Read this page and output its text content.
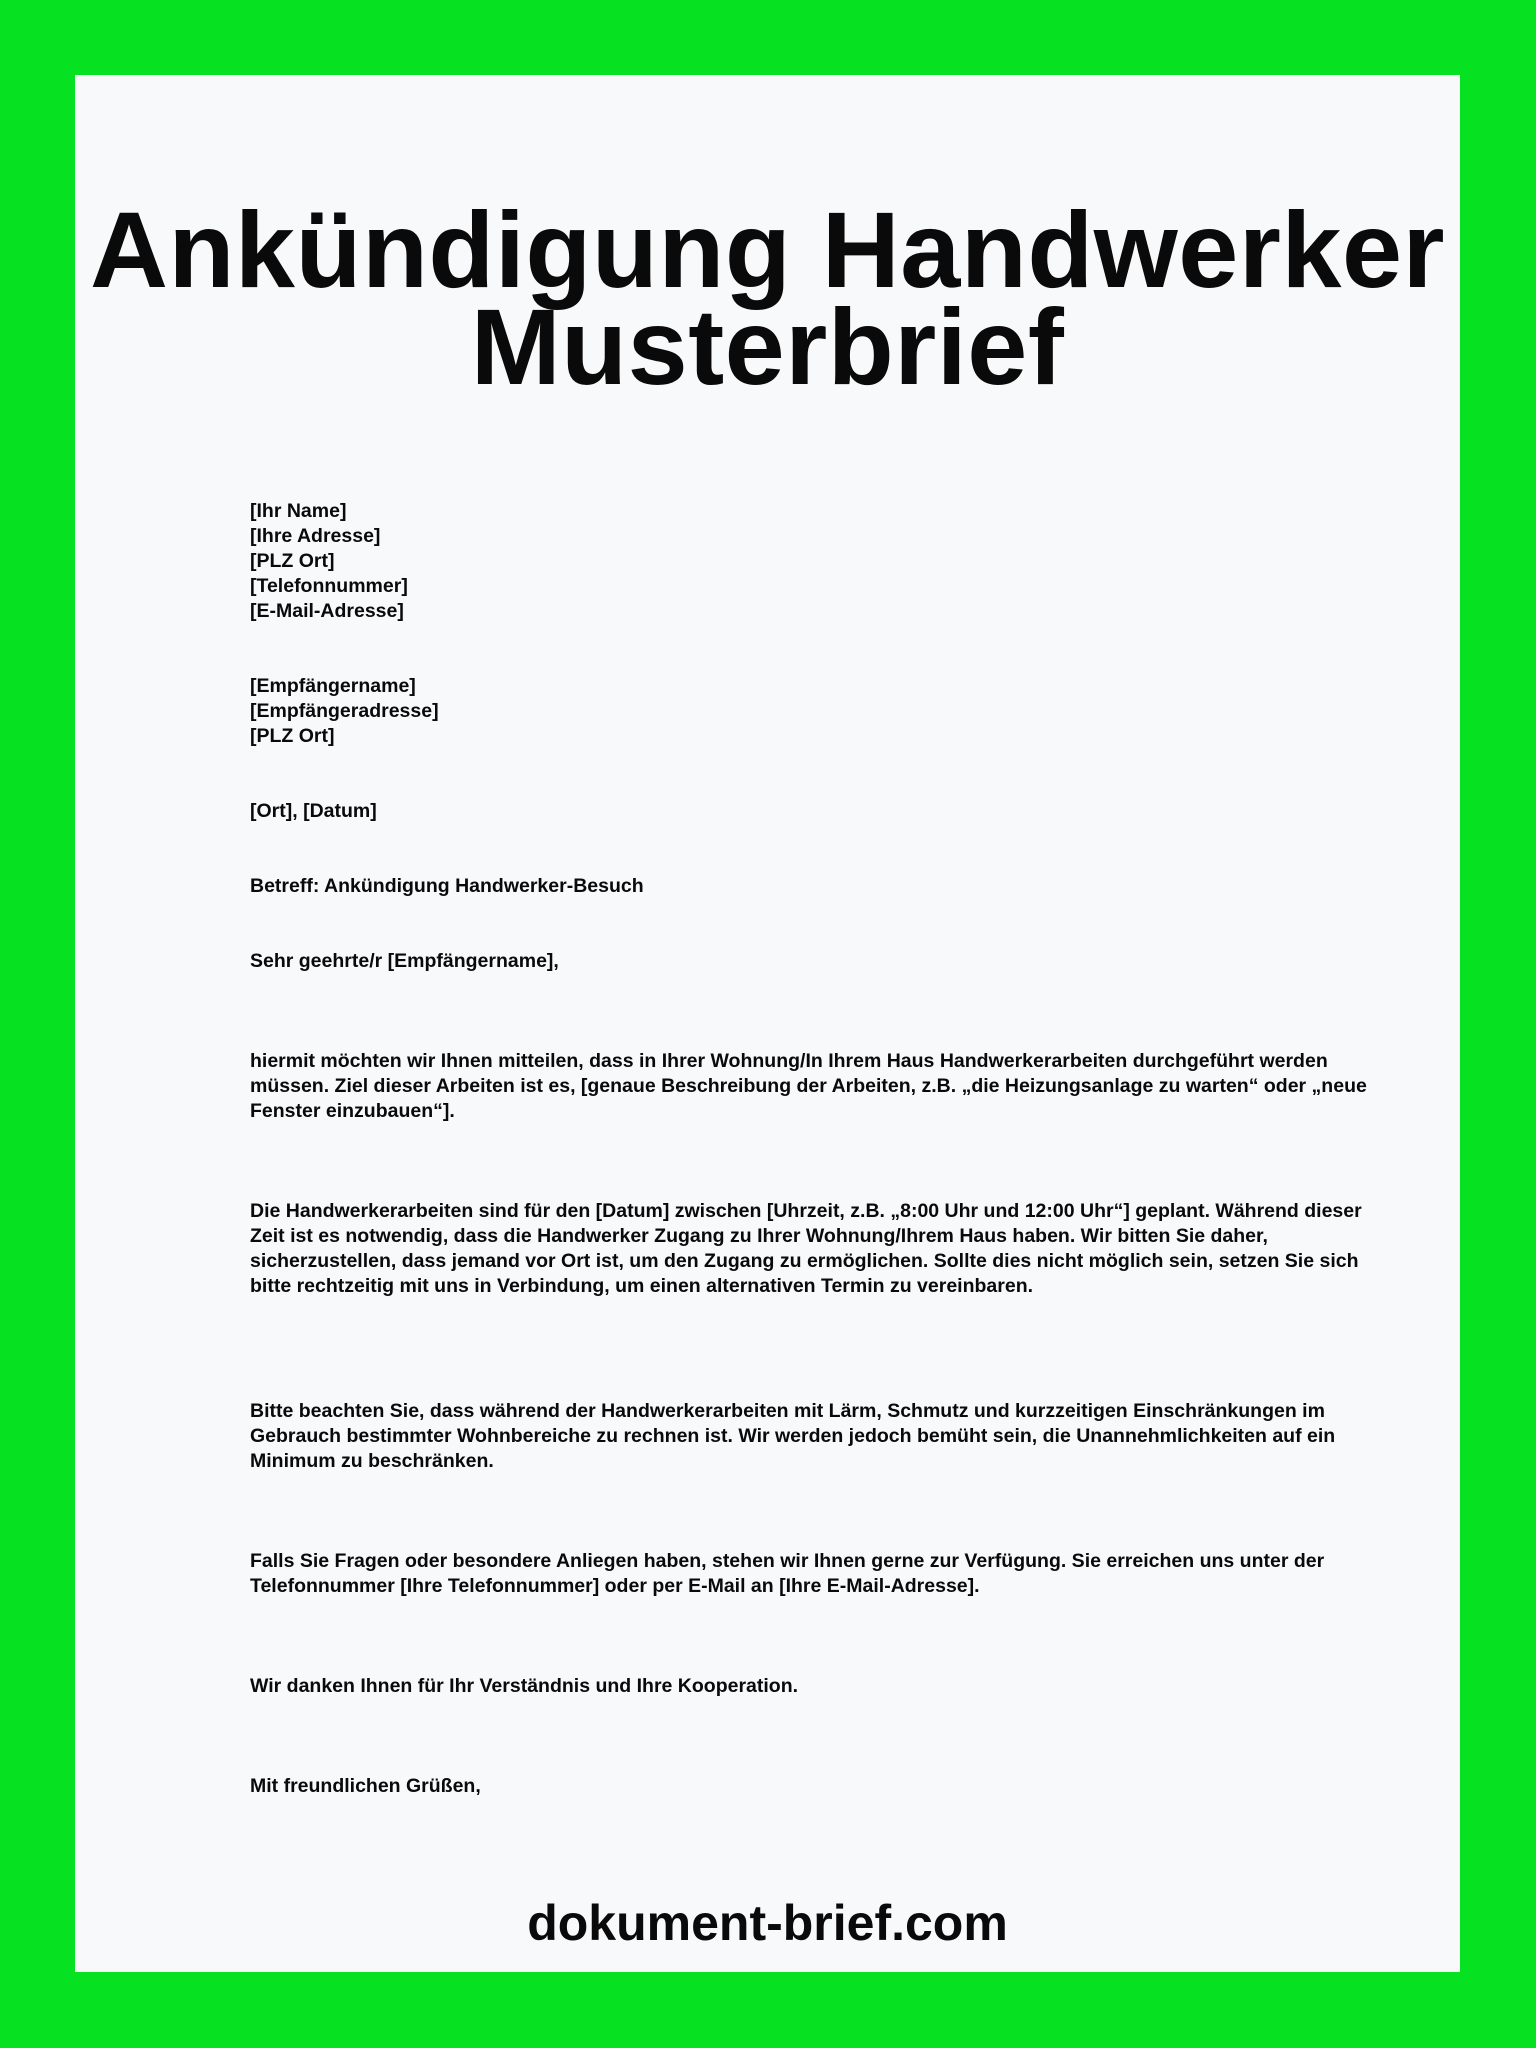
Ankündigung Handwerker
Musterbrief
[Ihr Name]
[Ihre Adresse]
[PLZ Ort]
[Telefonnummer]
[E-Mail-Adresse]
[Empfängername]
[Empfängeradresse]
[PLZ Ort]
[Ort], [Datum]
Betreff: Ankündigung Handwerker-Besuch
Sehr geehrte/r [Empfängername],

hiermit möchten wir Ihnen mitteilen, dass in Ihrer Wohnung/In Ihrem Haus Handwerkerarbeiten durchgeführt werden müssen. Ziel dieser Arbeiten ist es, [genaue Beschreibung der Arbeiten, z.B. „die Heizungsanlage zu warten“ oder „neue Fenster einzubauen“].

Die Handwerkerarbeiten sind für den [Datum] zwischen [Uhrzeit, z.B. „8:00 Uhr und 12:00 Uhr“] geplant. Während dieser Zeit ist es notwendig, dass die Handwerker Zugang zu Ihrer Wohnung/Ihrem Haus haben. Wir bitten Sie daher, sicherzustellen, dass jemand vor Ort ist, um den Zugang zu ermöglichen. Sollte dies nicht möglich sein, setzen Sie sich bitte rechtzeitig mit uns in Verbindung, um einen alternativen Termin zu vereinbaren.

Bitte beachten Sie, dass während der Handwerkerarbeiten mit Lärm, Schmutz und kurzzeitigen Einschränkungen im Gebrauch bestimmter Wohnbereiche zu rechnen ist. Wir werden jedoch bemüht sein, die Unannehmlichkeiten auf ein Minimum zu beschränken.

Falls Sie Fragen oder besondere Anliegen haben, stehen wir Ihnen gerne zur Verfügung. Sie erreichen uns unter der Telefonnummer [Ihre Telefonnummer] oder per E-Mail an [Ihre E-Mail-Adresse].

Wir danken Ihnen für Ihr Verständnis und Ihre Kooperation.

Mit freundlichen Grüßen,
dokument-brief.com
